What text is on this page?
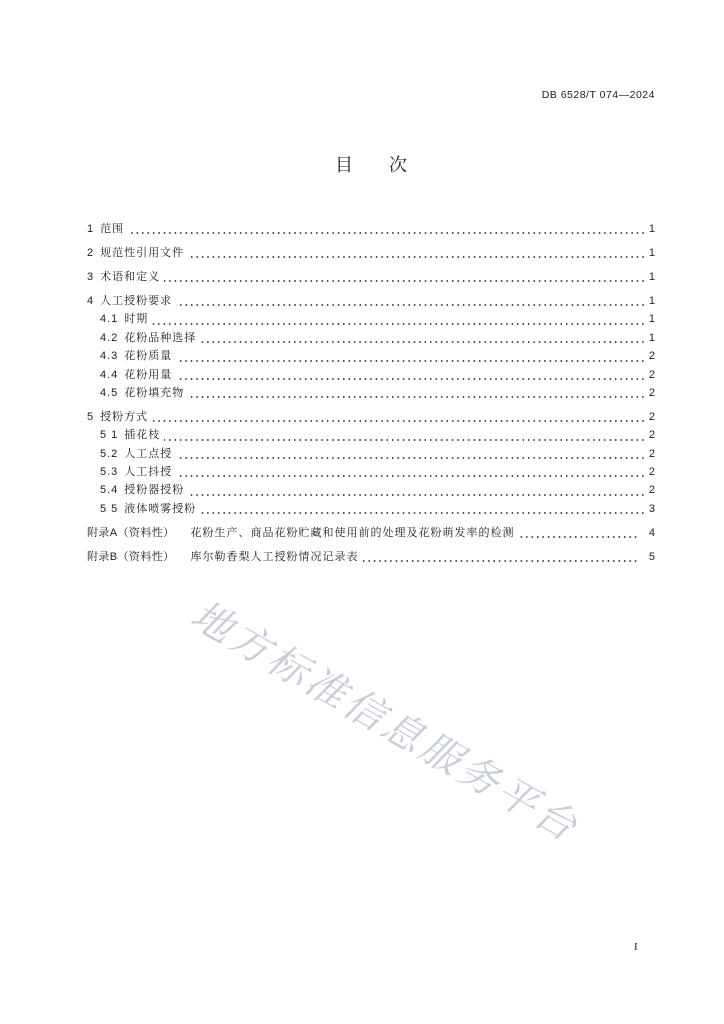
DB 6528/T 074—2024
目　　次
1 范围	1
2 规范性引用文件	1
3 术语和定义	1
4 人工授粉要求	1
4.1 时期	1
4.2 花粉品种选择	1
4.3 花粉质量	2
4.4 花粉用量	2
4.5 花粉填充物	2
5 授粉方式	2
5 1 插花枝	2
5.2 人工点授	2
5.3 人工抖授	2
5.4 授粉器授粉	2
5 5 液体喷雾授粉	3
附录A（资料性） 花粉生产、商品花粉贮藏和使用前的处理及花粉萌发率的检测	4
附录B（资料性） 库尔勒香梨人工授粉情况记录表	5
地方标准信息服务平台
I
